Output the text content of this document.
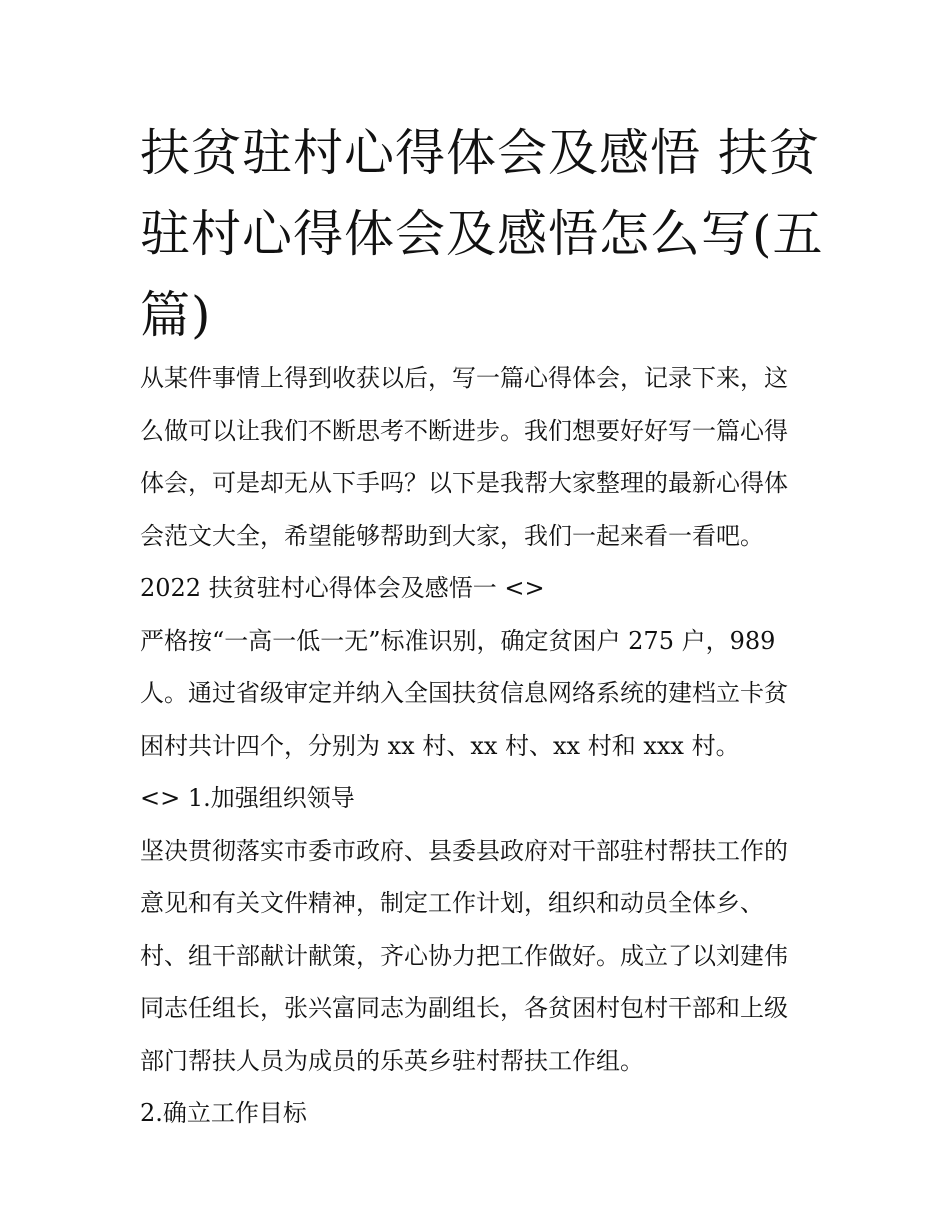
扶贫驻村心得体会及感悟 扶贫
驻村心得体会及感悟怎么写(五
篇)
从某件事情上得到收获以后，写一篇心得体会，记录下来，这
么做可以让我们不断思考不断进步。我们想要好好写一篇心得
体会，可是却无从下手吗？以下是我帮大家整理的最新心得体
会范文大全，希望能够帮助到大家，我们一起来看一看吧。
2022 扶贫驻村心得体会及感悟一 <>
严格按“一高一低一无”标准识别，确定贫困户 275 户，989
人。通过省级审定并纳入全国扶贫信息网络系统的建档立卡贫
困村共计四个，分别为 xx 村、xx 村、xx 村和 xxx 村。
<> 1.加强组织领导
坚决贯彻落实市委市政府、县委县政府对干部驻村帮扶工作的
意见和有关文件精神，制定工作计划，组织和动员全体乡、
村、组干部献计献策，齐心协力把工作做好。成立了以刘建伟
同志任组长，张兴富同志为副组长，各贫困村包村干部和上级
部门帮扶人员为成员的乐英乡驻村帮扶工作组。
2.确立工作目标
